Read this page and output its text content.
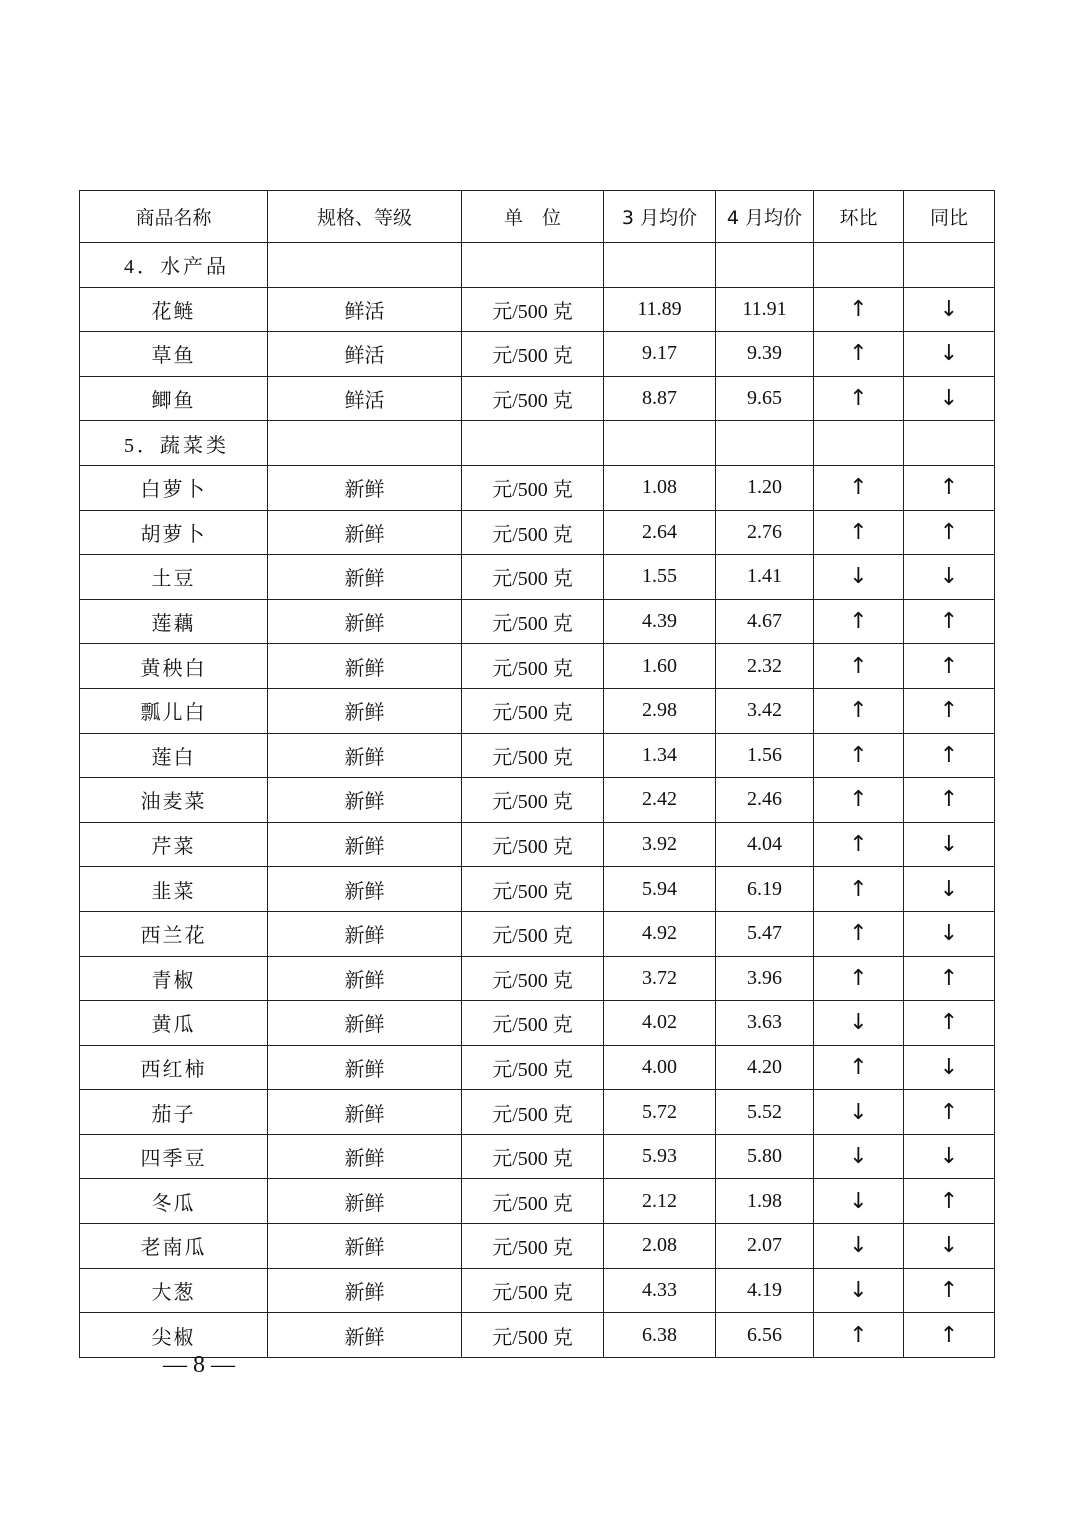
商品名称	规格、等级	单　位	3 月均价	4 月均价	环比	同比
4．水产品						
花鲢	鲜活	元/500 克	11.89	11.91	↑	↓
草鱼	鲜活	元/500 克	9.17	9.39	↑	↓
鲫鱼	鲜活	元/500 克	8.87	9.65	↑	↓
5．蔬菜类						
白萝卜	新鲜	元/500 克	1.08	1.20	↑	↑
胡萝卜	新鲜	元/500 克	2.64	2.76	↑	↑
土豆	新鲜	元/500 克	1.55	1.41	↓	↓
莲藕	新鲜	元/500 克	4.39	4.67	↑	↑
黄秧白	新鲜	元/500 克	1.60	2.32	↑	↑
瓢儿白	新鲜	元/500 克	2.98	3.42	↑	↑
莲白	新鲜	元/500 克	1.34	1.56	↑	↑
油麦菜	新鲜	元/500 克	2.42	2.46	↑	↑
芹菜	新鲜	元/500 克	3.92	4.04	↑	↓
韭菜	新鲜	元/500 克	5.94	6.19	↑	↓
西兰花	新鲜	元/500 克	4.92	5.47	↑	↓
青椒	新鲜	元/500 克	3.72	3.96	↑	↑
黄瓜	新鲜	元/500 克	4.02	3.63	↓	↑
西红柿	新鲜	元/500 克	4.00	4.20	↑	↓
茄子	新鲜	元/500 克	5.72	5.52	↓	↑
四季豆	新鲜	元/500 克	5.93	5.80	↓	↓
冬瓜	新鲜	元/500 克	2.12	1.98	↓	↑
老南瓜	新鲜	元/500 克	2.08	2.07	↓	↓
大葱	新鲜	元/500 克	4.33	4.19	↓	↑
尖椒	新鲜	元/500 克	6.38	6.56	↑	↑
— 8 —
